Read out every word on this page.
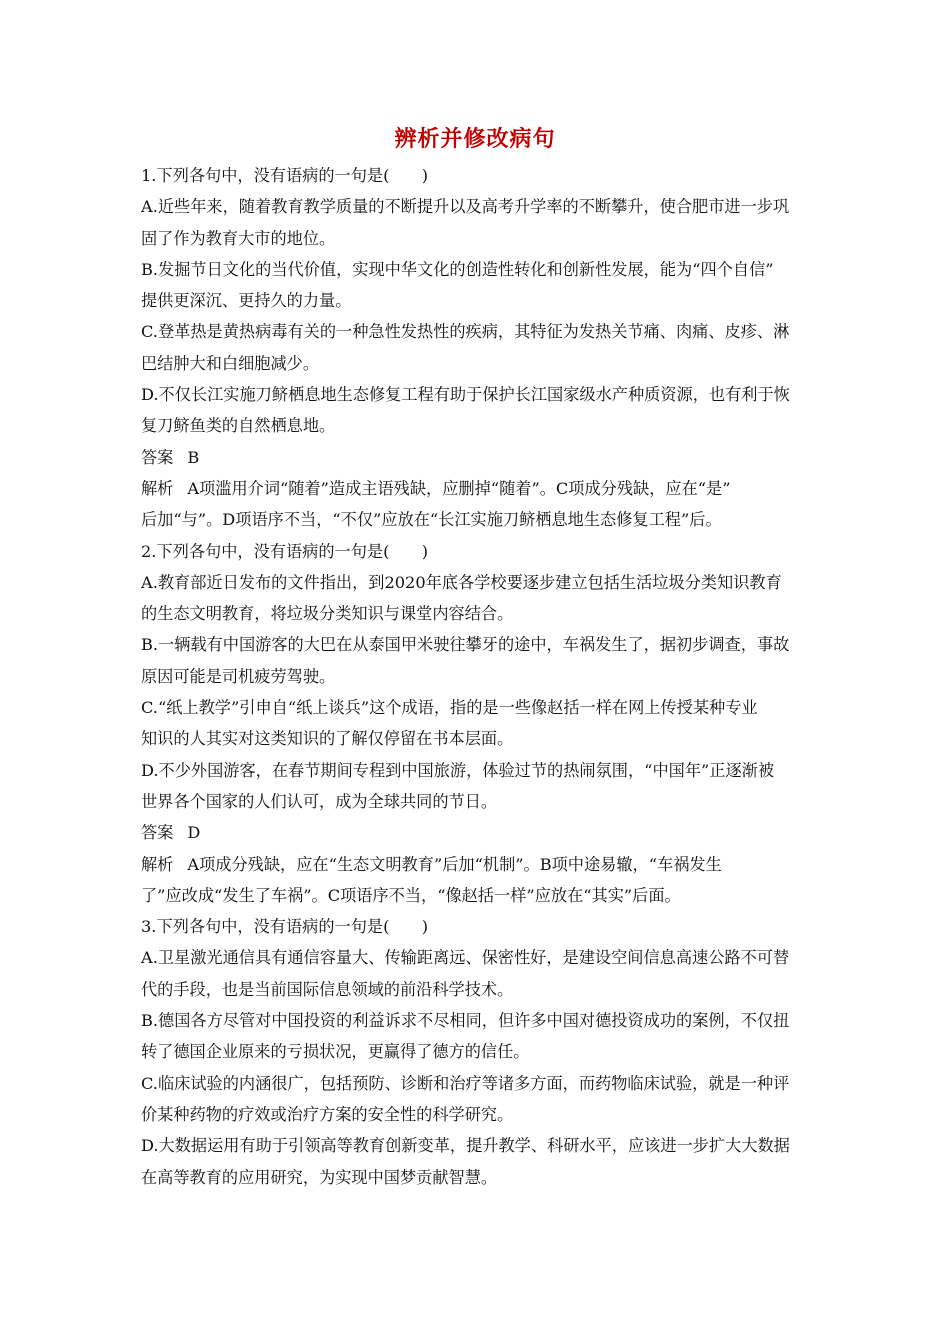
辨析并修改病句
1.下列各句中，没有语病的一句是(　　)
A.近些年来，随着教育教学质量的不断提升以及高考升学率的不断攀升，使合肥市进一步巩
固了作为教育大市的地位。
B.发掘节日文化的当代价值，实现中华文化的创造性转化和创新性发展，能为“四个自信”
提供更深沉、更持久的力量。
C.登革热是黄热病毒有关的一种急性发热性的疾病，其特征为发热关节痛、肉痛、皮疹、淋
巴结肿大和白细胞减少。
D.不仅长江实施刀鲚栖息地生态修复工程有助于保护长江国家级水产种质资源，也有利于恢
复刀鲚鱼类的自然栖息地。
答案 B
解析 A项滥用介词“随着”造成主语残缺，应删掉“随着”。C项成分残缺，应在“是”
后加“与”。D项语序不当，“不仅”应放在“长江实施刀鲚栖息地生态修复工程”后。
2.下列各句中，没有语病的一句是(　　)
A.教育部近日发布的文件指出，到2020年底各学校要逐步建立包括生活垃圾分类知识教育
的生态文明教育，将垃圾分类知识与课堂内容结合。
B.一辆载有中国游客的大巴在从泰国甲米驶往攀牙的途中，车祸发生了，据初步调查，事故
原因可能是司机疲劳驾驶。
C.“纸上教学”引申自“纸上谈兵”这个成语，指的是一些像赵括一样在网上传授某种专业
知识的人其实对这类知识的了解仅停留在书本层面。
D.不少外国游客，在春节期间专程到中国旅游，体验过节的热闹氛围，“中国年”正逐渐被
世界各个国家的人们认可，成为全球共同的节日。
答案 D
解析 A项成分残缺，应在“生态文明教育”后加“机制”。B项中途易辙，“车祸发生
了”应改成“发生了车祸”。C项语序不当，“像赵括一样”应放在“其实”后面。
3.下列各句中，没有语病的一句是(　　)
A.卫星激光通信具有通信容量大、传输距离远、保密性好，是建设空间信息高速公路不可替
代的手段，也是当前国际信息领域的前沿科学技术。
B.德国各方尽管对中国投资的利益诉求不尽相同，但许多中国对德投资成功的案例，不仅扭
转了德国企业原来的亏损状况，更赢得了德方的信任。
C.临床试验的内涵很广，包括预防、诊断和治疗等诸多方面，而药物临床试验，就是一种评
价某种药物的疗效或治疗方案的安全性的科学研究。
D.大数据运用有助于引领高等教育创新变革，提升教学、科研水平，应该进一步扩大大数据
在高等教育的应用研究，为实现中国梦贡献智慧。
